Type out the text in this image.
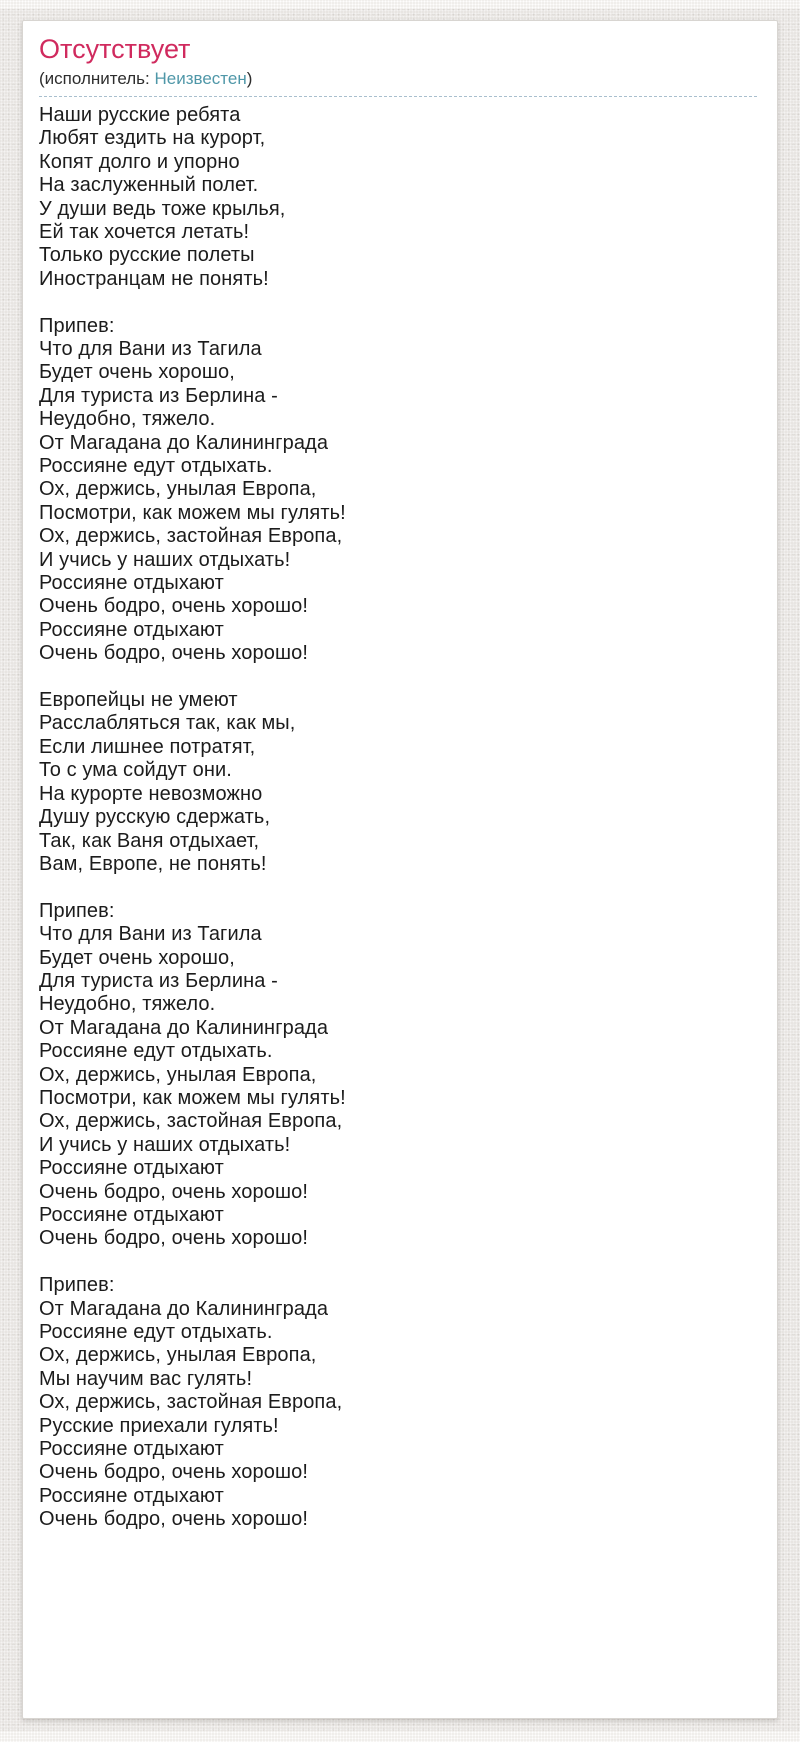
Отсутствует
(исполнитель: Неизвестен)
Наши русские ребята
Любят ездить на курорт,
Копят долго и упорно
На заслуженный полет.
У души ведь тоже крылья,
Ей так хочется летать!
Только русские полеты
Иностранцам не понять!
Припев:
Что для Вани из Тагила
Будет очень хорошо,
Для туриста из Берлина -
Неудобно, тяжело.
От Магадана до Калининграда
Россияне едут отдыхать.
Ох, держись, унылая Европа,
Посмотри, как можем мы гулять!
Ох, держись, застойная Европа,
И учись у наших отдыхать!
Россияне отдыхают
Очень бодро, очень хорошо!
Россияне отдыхают
Очень бодро, очень хорошо!
Европейцы не умеют
Расслабляться так, как мы,
Если лишнее потратят,
То с ума сойдут они.
На курорте невозможно
Душу русскую сдержать,
Так, как Ваня отдыхает,
Вам, Европе, не понять!
Припев:
Что для Вани из Тагила
Будет очень хорошо,
Для туриста из Берлина -
Неудобно, тяжело.
От Магадана до Калининграда
Россияне едут отдыхать.
Ох, держись, унылая Европа,
Посмотри, как можем мы гулять!
Ох, держись, застойная Европа,
И учись у наших отдыхать!
Россияне отдыхают
Очень бодро, очень хорошо!
Россияне отдыхают
Очень бодро, очень хорошо!
Припев:
От Магадана до Калининграда
Россияне едут отдыхать.
Ох, держись, унылая Европа,
Мы научим вас гулять!
Ох, держись, застойная Европа,
Русские приехали гулять!
Россияне отдыхают
Очень бодро, очень хорошо!
Россияне отдыхают
Очень бодро, очень хорошо!
